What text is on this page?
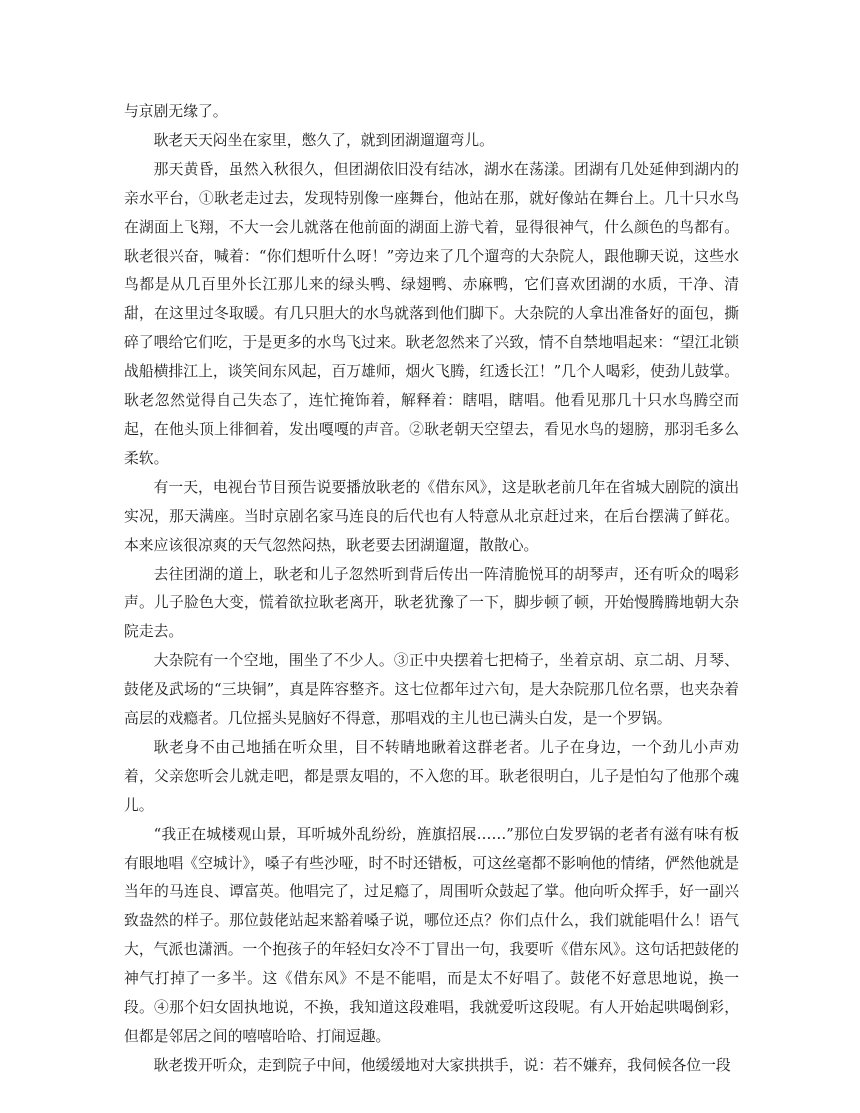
与京剧无缘了。

耿老天天闷坐在家里，憋久了，就到团湖遛遛弯儿。

那天黄昏，虽然入秋很久，但团湖依旧没有结冰，湖水在荡漾。团湖有几处延伸到湖内的亲水平台，①耿老走过去，发现特别像一座舞台，他站在那，就好像站在舞台上。几十只水鸟在湖面上飞翔，不大一会儿就落在他前面的湖面上游弋着，显得很神气，什么颜色的鸟都有。耿老很兴奋，喊着：“你们想听什么呀！”旁边来了几个遛弯的大杂院人，跟他聊天说，这些水鸟都是从几百里外长江那儿来的绿头鸭、绿翅鸭、赤麻鸭，它们喜欢团湖的水质，干净、清甜，在这里过冬取暖。有几只胆大的水鸟就落到他们脚下。大杂院的人拿出准备好的面包，撕碎了喂给它们吃，于是更多的水鸟飞过来。耿老忽然来了兴致，情不自禁地唱起来：“望江北锁战船横排江上，谈笑间东风起，百万雄师，烟火飞腾，红透长江！”几个人喝彩，使劲儿鼓掌。耿老忽然觉得自己失态了，连忙掩饰着，解释着：瞎唱，瞎唱。他看见那几十只水鸟腾空而起，在他头顶上徘徊着，发出嘎嘎的声音。②耿老朝天空望去，看见水鸟的翅膀，那羽毛多么柔软。

有一天，电视台节目预告说要播放耿老的《借东风》，这是耿老前几年在省城大剧院的演出实况，那天满座。当时京剧名家马连良的后代也有人特意从北京赶过来，在后台摆满了鲜花。本来应该很凉爽的天气忽然闷热，耿老要去团湖遛遛，散散心。

去往团湖的道上，耿老和儿子忽然听到背后传出一阵清脆悦耳的胡琴声，还有听众的喝彩声。儿子脸色大变，慌着欲拉耿老离开，耿老犹豫了一下，脚步顿了顿，开始慢腾腾地朝大杂院走去。

大杂院有一个空地，围坐了不少人。③正中央摆着七把椅子，坐着京胡、京二胡、月琴、鼓佬及武场的“三块铜”，真是阵容整齐。这七位都年过六旬，是大杂院那几位名票，也夹杂着高层的戏瘾者。几位摇头晃脑好不得意，那唱戏的主儿也已满头白发，是一个罗锅。

耿老身不由己地插在听众里，目不转睛地瞅着这群老者。儿子在身边，一个劲儿小声劝着，父亲您听会儿就走吧，都是票友唱的，不入您的耳。耿老很明白，儿子是怕勾了他那个魂儿。

“我正在城楼观山景，耳听城外乱纷纷，旌旗招展……”那位白发罗锅的老者有滋有味有板有眼地唱《空城计》，嗓子有些沙哑，时不时还错板，可这丝毫都不影响他的情绪，俨然他就是当年的马连良、谭富英。他唱完了，过足瘾了，周围听众鼓起了掌。他向听众挥手，好一副兴致盎然的样子。那位鼓佬站起来豁着嗓子说，哪位还点？你们点什么，我们就能唱什么！语气大，气派也潇洒。一个抱孩子的年轻妇女冷不丁冒出一句，我要听《借东风》。这句话把鼓佬的神气打掉了一多半。这《借东风》不是不能唱，而是太不好唱了。鼓佬不好意思地说，换一段。④那个妇女固执地说，不换，我知道这段难唱，我就爱听这段呢。有人开始起哄喝倒彩，但都是邻居之间的嘻嘻哈哈、打闹逗趣。

耿老拨开听众，走到院子中间，他缓缓地对大家拱拱手，说：若不嫌弃，我伺候各位一段
